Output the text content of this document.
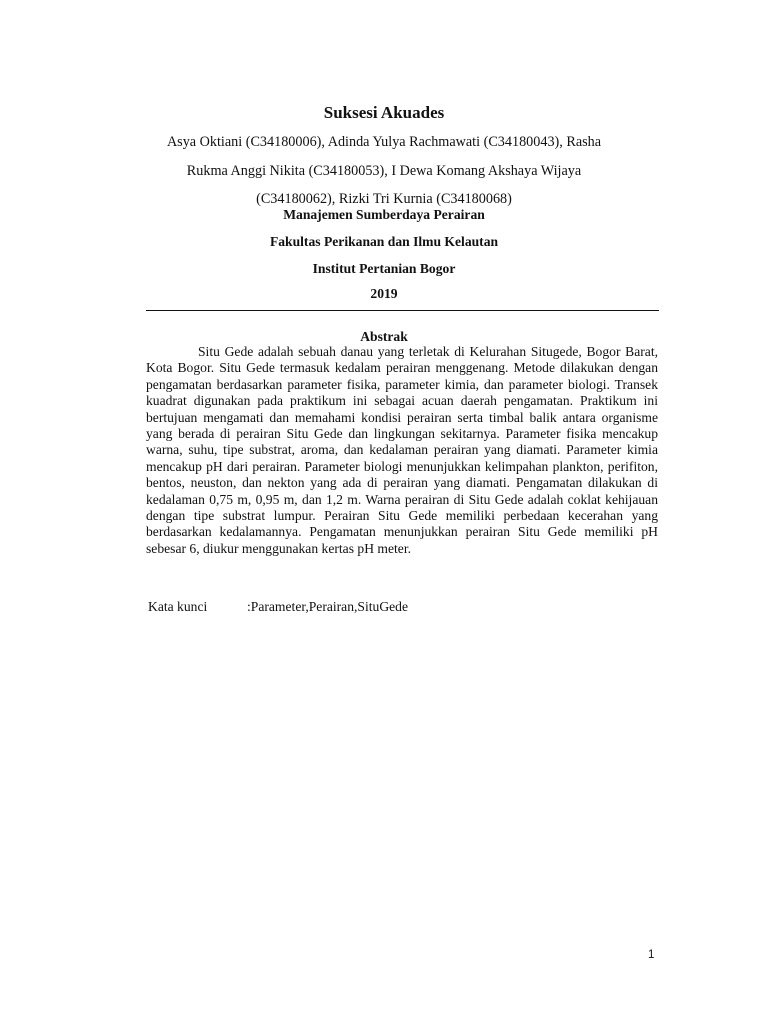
Suksesi Akuades
Asya Oktiani (C34180006), Adinda Yulya Rachmawati (C34180043), Rasha Rukma Anggi Nikita (C34180053), I Dewa Komang Akshaya Wijaya (C34180062), Rizki Tri Kurnia (C34180068)
Manajemen Sumberdaya Perairan
Fakultas Perikanan dan Ilmu Kelautan
Institut Pertanian Bogor
2019
Abstrak

Situ Gede adalah sebuah danau yang terletak di Kelurahan Situgede, Bogor Barat, Kota Bogor. Situ Gede termasuk kedalam perairan menggenang. Metode dilakukan dengan pengamatan berdasarkan parameter fisika, parameter kimia, dan parameter biologi. Transek kuadrat digunakan pada praktikum ini sebagai acuan daerah pengamatan. Praktikum ini bertujuan mengamati dan memahami kondisi perairan serta timbal balik antara organisme yang berada di perairan Situ Gede dan lingkungan sekitarnya. Parameter fisika mencakup warna, suhu, tipe substrat, aroma, dan kedalaman perairan yang diamati. Parameter kimia mencakup pH dari perairan. Parameter biologi menunjukkan kelimpahan plankton, perifiton, bentos, neuston, dan nekton yang ada di perairan yang diamati. Pengamatan dilakukan di kedalaman 0,75 m, 0,95 m, dan 1,2 m. Warna perairan di Situ Gede adalah coklat kehijauan dengan tipe substrat lumpur. Perairan Situ Gede memiliki perbedaan kecerahan yang berdasarkan kedalamannya. Pengamatan menunjukkan perairan Situ Gede memiliki pH sebesar 6, diukur menggunakan kertas pH meter.

Kata kunci	:Parameter,Perairan,SituGede
1
